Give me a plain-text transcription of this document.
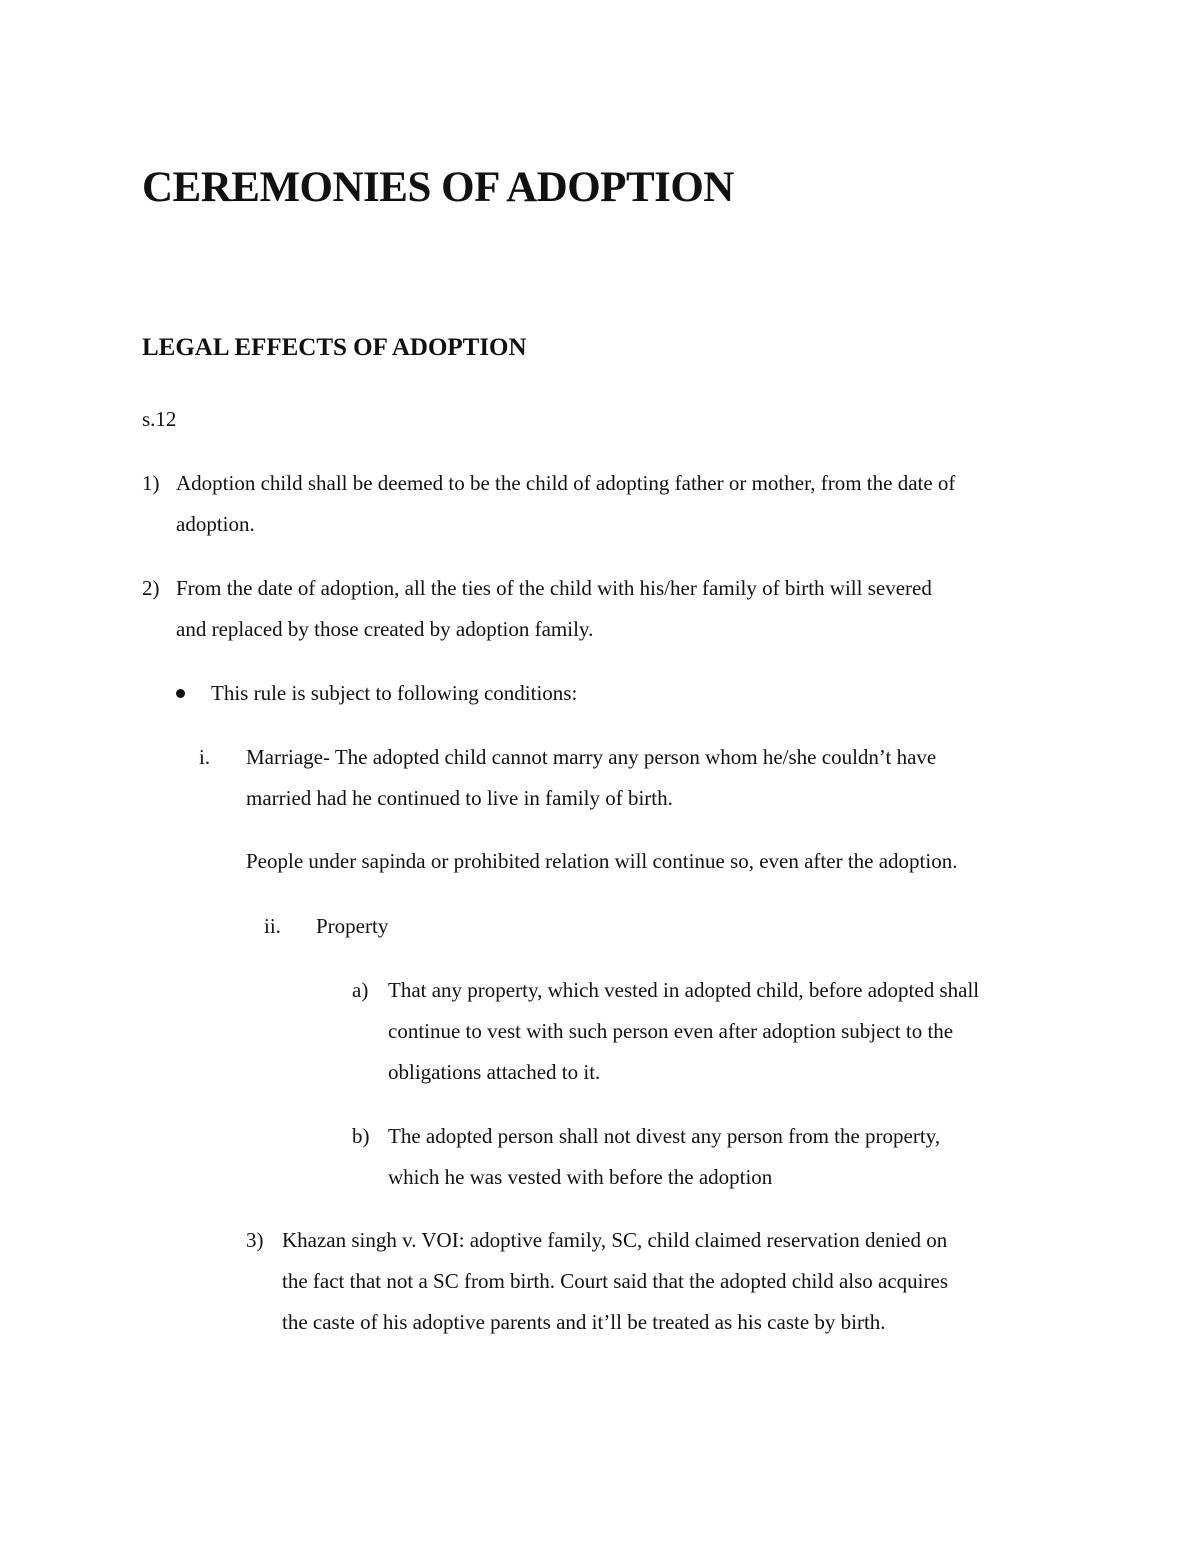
CEREMONIES OF ADOPTION
LEGAL EFFECTS OF ADOPTION
s.12
1) Adoption child shall be deemed to be the child of adopting father or mother, from the date of
adoption.
2) From the date of adoption, all the ties of the child with his/her family of birth will severed
and replaced by those created by adoption family.
This rule is subject to following conditions:
i. Marriage- The adopted child cannot marry any person whom he/she couldn’t have
married had he continued to live in family of birth.
People under sapinda or prohibited relation will continue so, even after the adoption.
ii. Property
a) That any property, which vested in adopted child, before adopted shall
continue to vest with such person even after adoption subject to the
obligations attached to it.
b) The adopted person shall not divest any person from the property,
which he was vested with before the adoption
3) Khazan singh v. VOI: adoptive family, SC, child claimed reservation denied on
the fact that not a SC from birth. Court said that the adopted child also acquires
the caste of his adoptive parents and it’ll be treated as his caste by birth.
